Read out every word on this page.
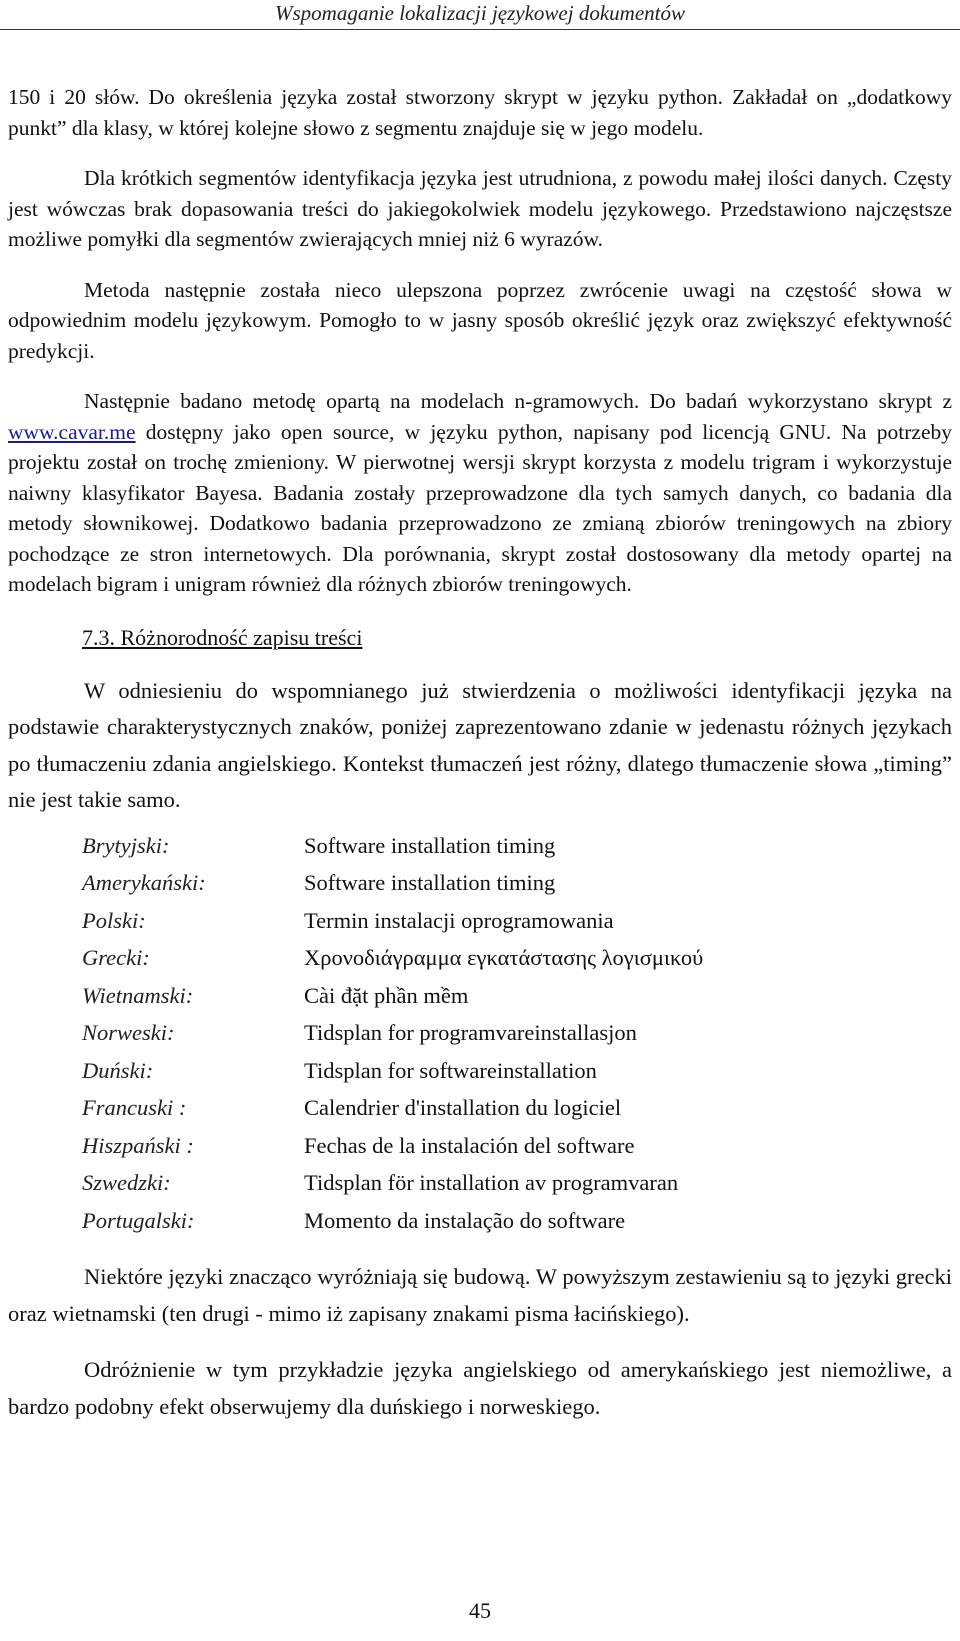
Wspomaganie lokalizacji językowej dokumentów

150 i 20 słów. Do określenia języka został stworzony skrypt w języku python. Zakładał on „dodatkowy punkt” dla klasy, w której kolejne słowo z segmentu znajduje się w jego modelu.

Dla krótkich segmentów identyfikacja języka jest utrudniona, z powodu małej ilości danych. Częsty jest wówczas brak dopasowania treści do jakiegokolwiek modelu językowego. Przedstawiono najczęstsze możliwe pomyłki dla segmentów zwierających mniej niż 6 wyrazów.

Metoda następnie została nieco ulepszona poprzez zwrócenie uwagi na częstość słowa w odpowiednim modelu językowym. Pomogło to w jasny sposób określić język oraz zwiększyć efektywność predykcji.

Następnie badano metodę opartą na modelach n-gramowych. Do badań wykorzystano skrypt z www.cavar.me dostępny jako open source, w języku python, napisany pod licencją GNU. Na potrzeby projektu został on trochę zmieniony. W pierwotnej wersji skrypt korzysta z modelu trigram i wykorzystuje naiwny klasyfikator Bayesa. Badania zostały przeprowadzone dla tych samych danych, co badania dla metody słownikowej. Dodatkowo badania przeprowadzono ze zmianą zbiorów treningowych na zbiory pochodzące ze stron internetowych. Dla porównania, skrypt został dostosowany dla metody opartej na modelach bigram i unigram również dla różnych zbiorów treningowych.

7.3. Różnorodność zapisu treści

W odniesieniu do wspomnianego już stwierdzenia o możliwości identyfikacji języka na podstawie charakterystycznych znaków, poniżej zaprezentowano zdanie w jedenastu różnych językach po tłumaczeniu zdania angielskiego. Kontekst tłumaczeń jest różny, dlatego tłumaczenie słowa „timing” nie jest takie samo.

Brytyjski:	Software installation timing
Amerykański:	Software installation timing
Polski:	Termin instalacji oprogramowania
Grecki:	Χρονοδιάγραμμα εγκατάστασης λογισμικού
Wietnamski:	Cài đặt phần mềm
Norweski:	Tidsplan for programvareinstallasjon
Duński:	Tidsplan for softwareinstallation
Francuski :	Calendrier d'installation du logiciel
Hiszpański :	Fechas de la instalación del software
Szwedzki:	Tidsplan för installation av programvaran
Portugalski:	Momento da instalação do software

Niektóre języki znacząco wyróżniają się budową. W powyższym zestawieniu są to języki grecki oraz wietnamski (ten drugi - mimo iż zapisany znakami pisma łacińskiego).

Odróżnienie w tym przykładzie języka angielskiego od amerykańskiego jest niemożliwe, a bardzo podobny efekt obserwujemy dla duńskiego i norweskiego.

45
